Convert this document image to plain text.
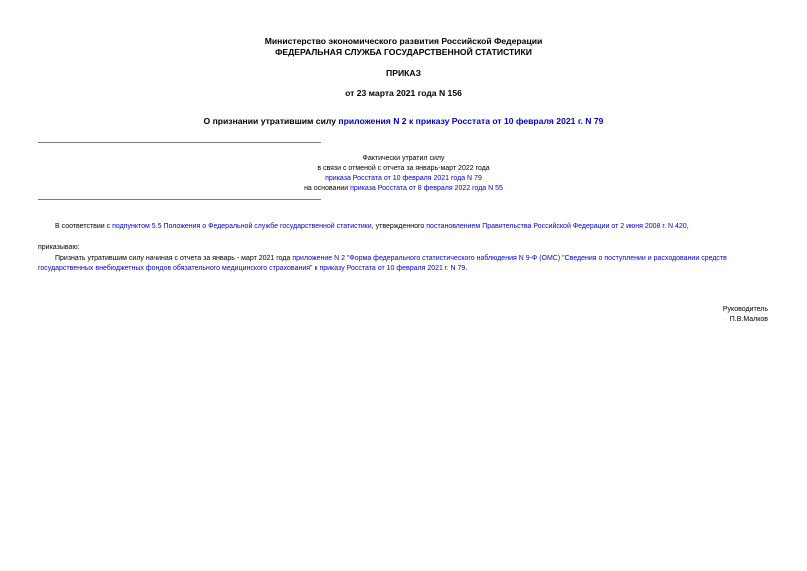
Министерство экономического развития Российской Федерации
ФЕДЕРАЛЬНАЯ СЛУЖБА ГОСУДАРСТВЕННОЙ СТАТИСТИКИ
ПРИКАЗ
от 23 марта 2021 года N 156
О признании утратившим силу приложения N 2 к приказу Росстата от 10 февраля 2021 г. N 79
Фактически утратил силу
в связи с отменой с отчета за январь-март 2022 года
приказа Росстата от 10 февраля 2021 года N 79
на основании приказа Росстата от 8 февраля 2022 года N 55
В соответствии с подпунктом 5.5 Положения о Федеральной службе государственной статистики, утвержденного постановлением Правительства Российской Федерации от 2 июня 2008 г. N 420,
приказываю:
Признать утратившим силу начиная с отчета за январь - март 2021 года приложение N 2 "Форма федерального статистического наблюдения N 9-Ф (ОМС) "Сведения о поступлении и расходовании средств
государственных внебюджетных фондов обязательного медицинского страхования" к приказу Росстата от 10 февраля 2021 г. N 79.
Руководитель
П.В.Малков
